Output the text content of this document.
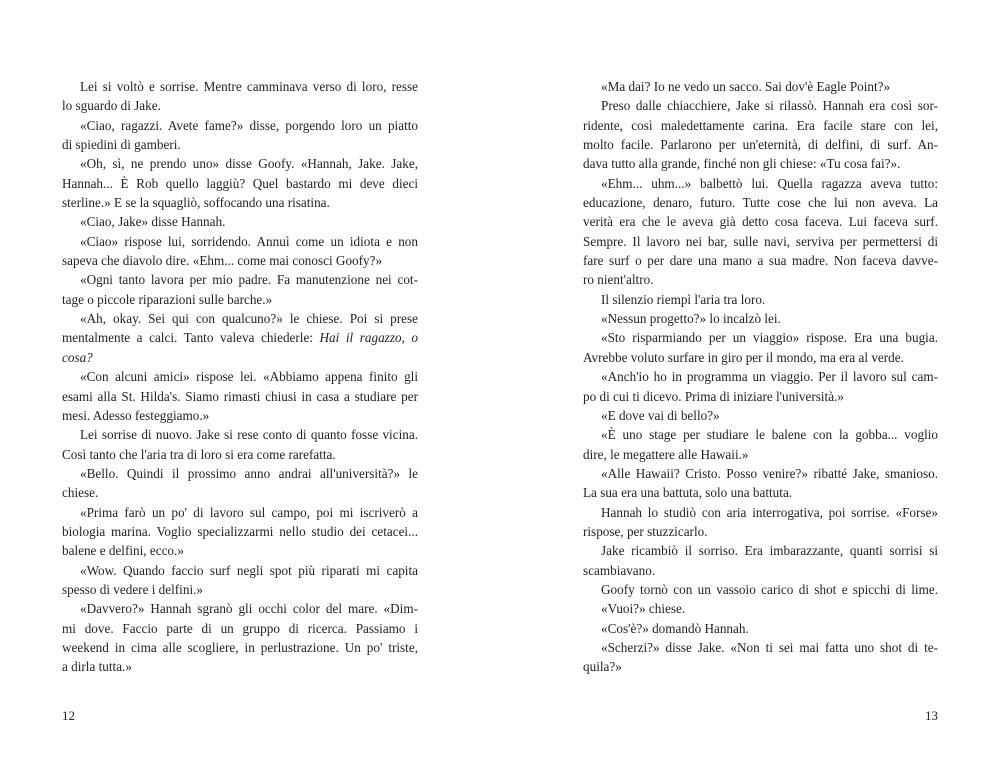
Lei si voltò e sorrise. Mentre camminava verso di loro, resse
lo sguardo di Jake.
«Ciao, ragazzi. Avete fame?» disse, porgendo loro un piatto
di spiedini di gamberi.
«Oh, sì, ne prendo uno» disse Goofy. «Hannah, Jake. Jake,
Hannah... È Rob quello laggiù? Quel bastardo mi deve dieci
sterline.» E se la squagliò, soffocando una risatina.
«Ciao, Jake» disse Hannah.
«Ciao» rispose lui, sorridendo. Annuì come un idiota e non
sapeva che diavolo dire. «Ehm... come mai conosci Goofy?»
«Ogni tanto lavora per mio padre. Fa manutenzione nei cot-
tage o piccole riparazioni sulle barche.»
«Ah, okay. Sei qui con qualcuno?» le chiese. Poi si prese
mentalmente a calci. Tanto valeva chiederle: Hai il ragazzo, o
cosa?
«Con alcuni amici» rispose lei. «Abbiamo appena finito gli
esami alla St. Hilda's. Siamo rimasti chiusi in casa a studiare per
mesi. Adesso festeggiamo.»
Lei sorrise di nuovo. Jake si rese conto di quanto fosse vicina.
Così tanto che l'aria tra di loro si era come rarefatta.
«Bello. Quindi il prossimo anno andrai all'università?» le
chiese.
«Prima farò un po' di lavoro sul campo, poi mi iscriverò a
biologia marina. Voglio specializzarmi nello studio dei cetacei...
balene e delfini, ecco.»
«Wow. Quando faccio surf negli spot più riparati mi capita
spesso di vedere i delfini.»
«Davvero?» Hannah sgranò gli occhi color del mare. «Dim-
mi dove. Faccio parte di un gruppo di ricerca. Passiamo i
weekend in cima alle scogliere, in perlustrazione. Un po' triste,
a dirla tutta.»
«Ma dai? Io ne vedo un sacco. Sai dov'è Eagle Point?»
Preso dalle chiacchiere, Jake si rilassò. Hannah era così sor-
ridente, così maledettamente carina. Era facile stare con lei,
molto facile. Parlarono per un'eternità, di delfini, di surf. An-
dava tutto alla grande, finché non gli chiese: «Tu cosa fai?».
«Ehm... uhm...» balbettò lui. Quella ragazza aveva tutto:
educazione, denaro, futuro. Tutte cose che lui non aveva. La
verità era che le aveva già detto cosa faceva. Lui faceva surf.
Sempre. Il lavoro nei bar, sulle navi, serviva per permettersi di
fare surf o per dare una mano a sua madre. Non faceva davve-
ro nient'altro.
Il silenzio riempì l'aria tra loro.
«Nessun progetto?» lo incalzò lei.
«Sto risparmiando per un viaggio» rispose. Era una bugia.
Avrebbe voluto surfare in giro per il mondo, ma era al verde.
«Anch'io ho in programma un viaggio. Per il lavoro sul cam-
po di cui ti dicevo. Prima di iniziare l'università.»
«E dove vai di bello?»
«È uno stage per studiare le balene con la gobba... voglio
dire, le megattere alle Hawaii.»
«Alle Hawaii? Cristo. Posso venire?» ribatté Jake, smanioso.
La sua era una battuta, solo una battuta.
Hannah lo studiò con aria interrogativa, poi sorrise. «Forse»
rispose, per stuzzicarlo.
Jake ricambiò il sorriso. Era imbarazzante, quanti sorrisi si
scambiavano.
Goofy tornò con un vassoio carico di shot e spicchi di lime.
«Vuoi?» chiese.
«Cos'è?» domandò Hannah.
«Scherzi?» disse Jake. «Non ti sei mai fatta uno shot di te-
quila?»
12	13
